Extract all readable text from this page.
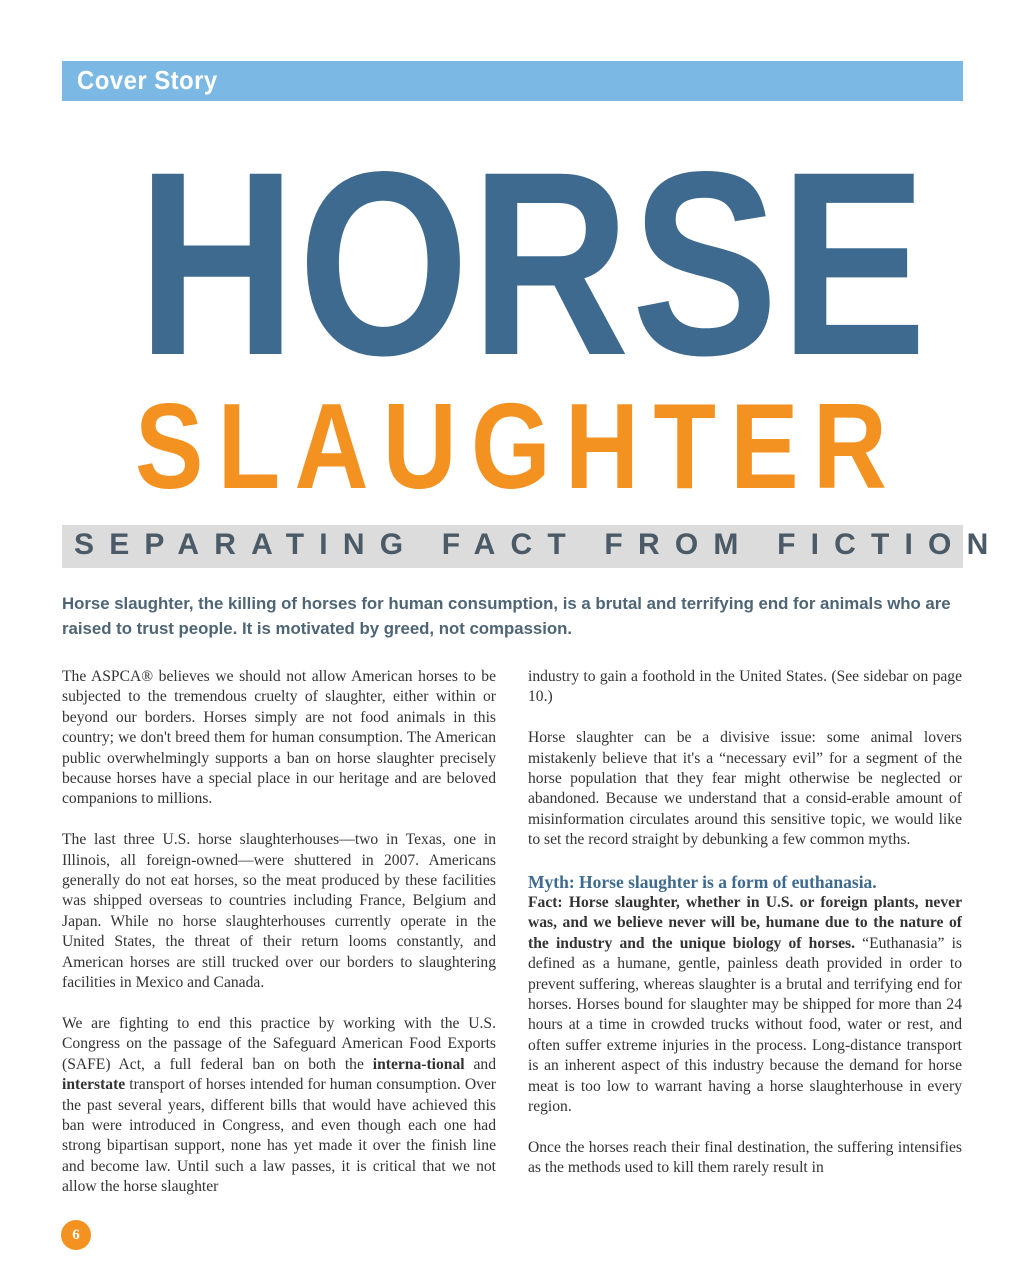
Cover Story
HORSE
SLAUGHTER
SEPARATING FACT FROM FICTION

Horse slaughter, the killing of horses for human consumption, is a brutal and terrifying end for animals who are raised to trust people. It is motivated by greed, not compassion.

The ASPCA® believes we should not allow American horses to be subjected to the tremendous cruelty of slaughter, either within or beyond our borders. Horses simply are not food animals in this country; we don't breed them for human consumption. The American public overwhelmingly supports a ban on horse slaughter precisely because horses have a special place in our heritage and are beloved companions to millions.

The last three U.S. horse slaughterhouses—two in Texas, one in Illinois, all foreign-owned—were shuttered in 2007. Americans generally do not eat horses, so the meat produced by these facilities was shipped overseas to countries including France, Belgium and Japan. While no horse slaughterhouses currently operate in the United States, the threat of their return looms constantly, and American horses are still trucked over our borders to slaughtering facilities in Mexico and Canada.

We are fighting to end this practice by working with the U.S. Congress on the passage of the Safeguard American Food Exports (SAFE) Act, a full federal ban on both the interna-tional and interstate transport of horses intended for human consumption. Over the past several years, different bills that would have achieved this ban were introduced in Congress, and even though each one had strong bipartisan support, none has yet made it over the finish line and become law. Until such a law passes, it is critical that we not allow the horse slaughter

industry to gain a foothold in the United States. (See sidebar on page 10.)

Horse slaughter can be a divisive issue: some animal lovers mistakenly believe that it's a “necessary evil” for a segment of the horse population that they fear might otherwise be neglected or abandoned. Because we understand that a consid-erable amount of misinformation circulates around this sensitive topic, we would like to set the record straight by debunking a few common myths.

Myth: Horse slaughter is a form of euthanasia.

Fact: Horse slaughter, whether in U.S. or foreign plants, never was, and we believe never will be, humane due to the nature of the industry and the unique biology of horses. “Euthanasia” is defined as a humane, gentle, painless death provided in order to prevent suffering, whereas slaughter is a brutal and terrifying end for horses. Horses bound for slaughter may be shipped for more than 24 hours at a time in crowded trucks without food, water or rest, and often suffer extreme injuries in the process. Long-distance transport is an inherent aspect of this industry because the demand for horse meat is too low to warrant having a horse slaughterhouse in every region.

Once the horses reach their final destination, the suffering intensifies as the methods used to kill them rarely result in

6
